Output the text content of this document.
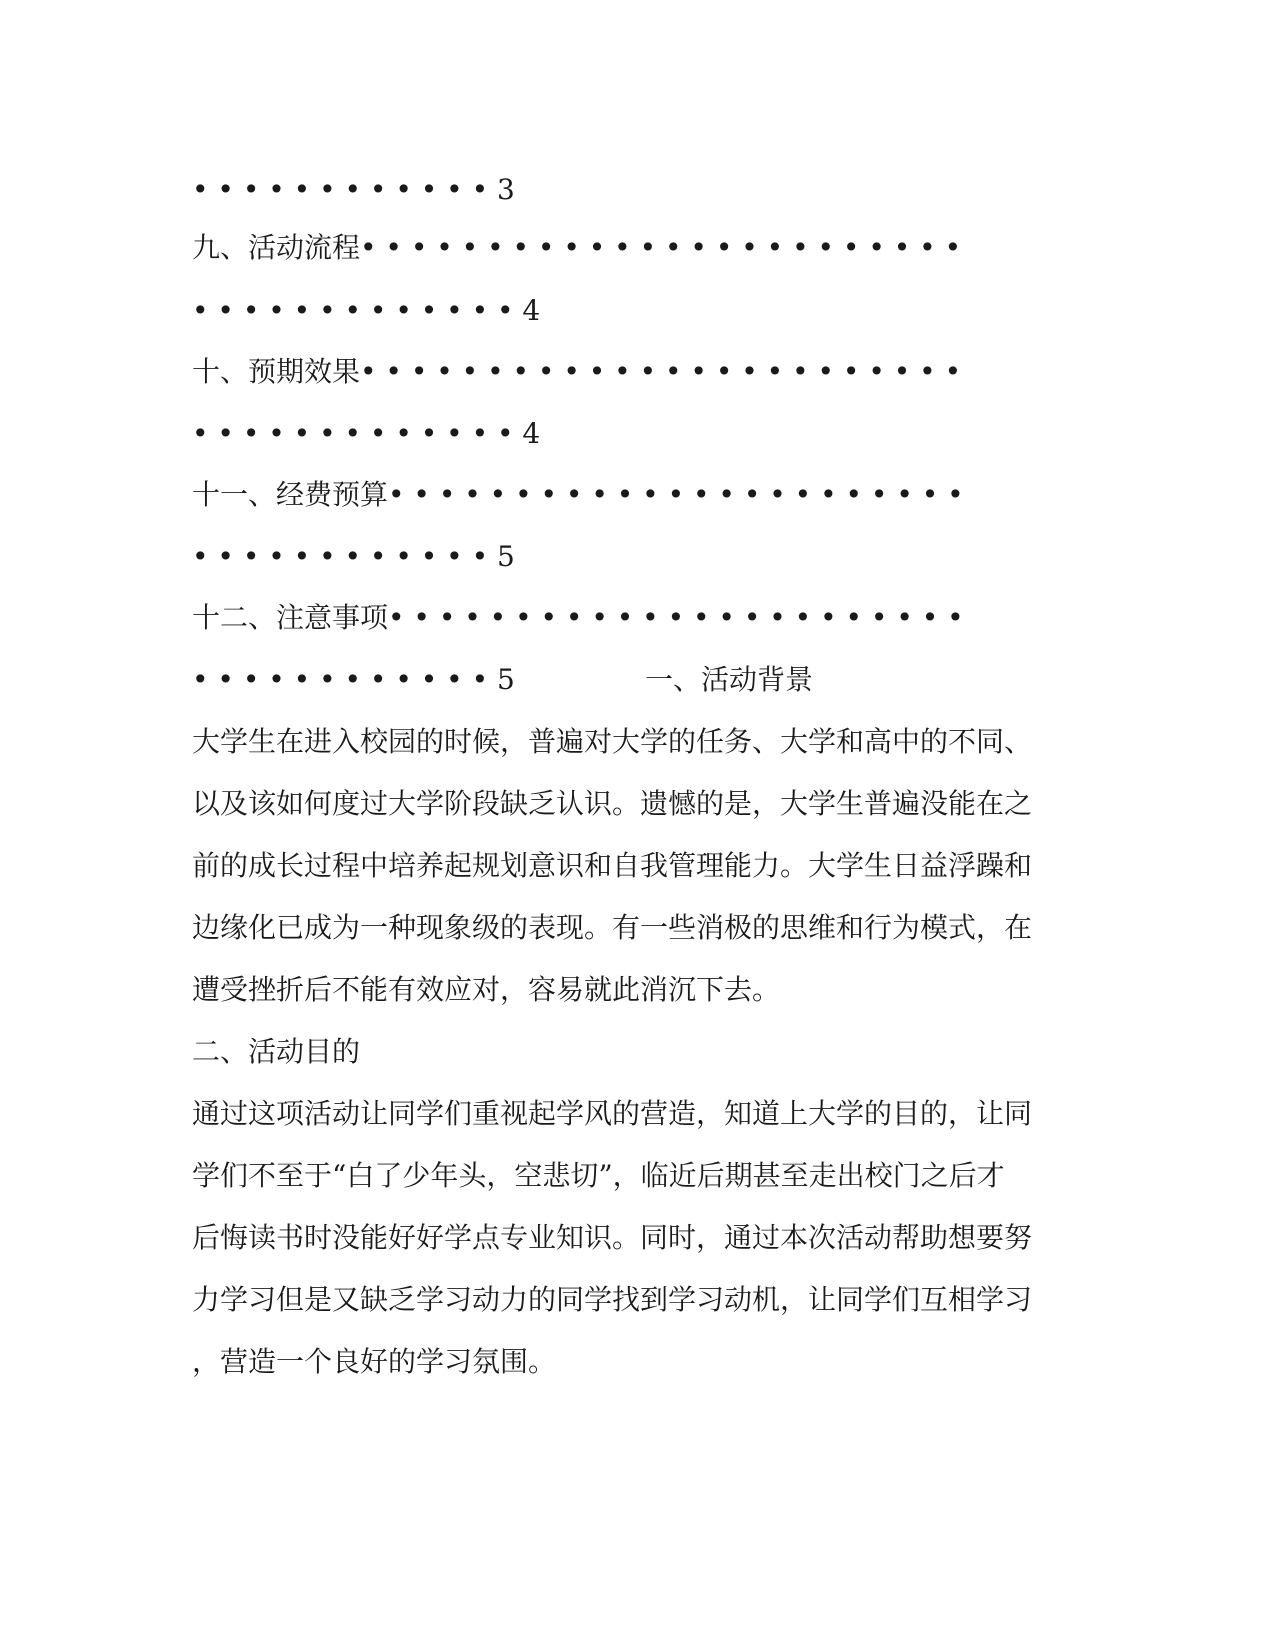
• • • • • • • • • • • • 3
九、活动流程• • • • • • • • • • • • • • • • • • • • • • • •
• • • • • • • • • • • • • 4
十、预期效果• • • • • • • • • • • • • • • • • • • • • • • •
• • • • • • • • • • • • • 4
十一、经费预算• • • • • • • • • • • • • • • • • • • • • • •
• • • • • • • • • • • • 5
十二、注意事项• • • • • • • • • • • • • • • • • • • • • • •
• • • • • • • • • • • • 5	一、活动背景
大学生在进入校园的时候，普遍对大学的任务、大学和高中的不同、
以及该如何度过大学阶段缺乏认识。遗憾的是，大学生普遍没能在之
前的成长过程中培养起规划意识和自我管理能力。大学生日益浮躁和
边缘化已成为一种现象级的表现。有一些消极的思维和行为模式，在
遭受挫折后不能有效应对，容易就此消沉下去。
二、活动目的
通过这项活动让同学们重视起学风的营造，知道上大学的目的，让同
学们不至于“白了少年头，空悲切”，临近后期甚至走出校门之后才
后悔读书时没能好好学点专业知识。同时，通过本次活动帮助想要努
力学习但是又缺乏学习动力的同学找到学习动机，让同学们互相学习
，营造一个良好的学习氛围。
